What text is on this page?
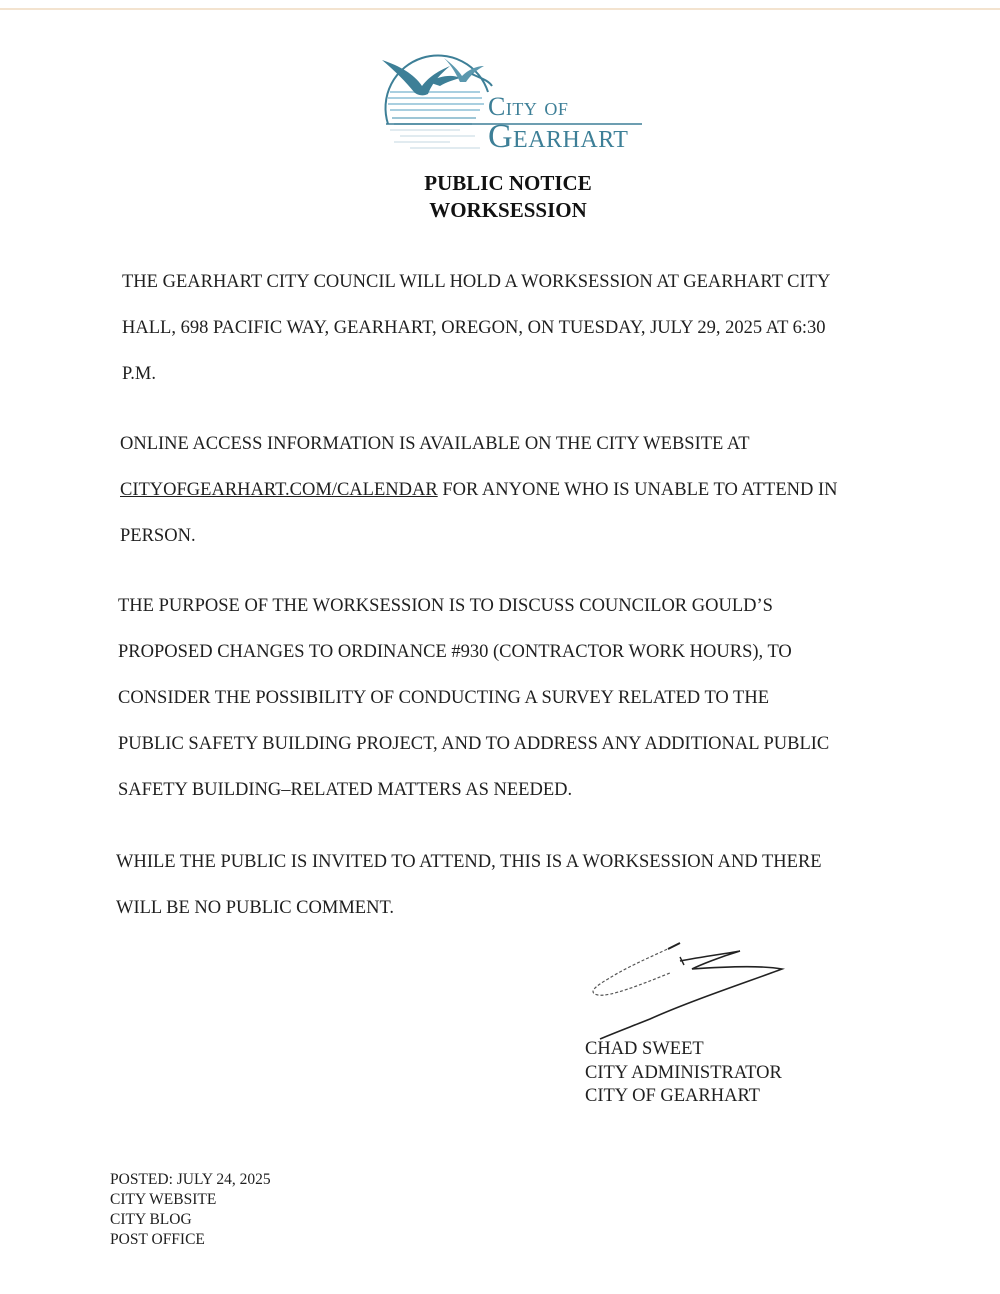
City of
Gearhart
PUBLIC NOTICE
WORKSESSION
THE GEARHART CITY COUNCIL WILL HOLD A WORKSESSION AT GEARHART CITY
HALL, 698 PACIFIC WAY, GEARHART, OREGON, ON TUESDAY, JULY 29, 2025 AT 6:30
P.M.
ONLINE ACCESS INFORMATION IS AVAILABLE ON THE CITY WEBSITE AT
CITYOFGEARHART.COM/CALENDAR FOR ANYONE WHO IS UNABLE TO ATTEND IN
PERSON.
THE PURPOSE OF THE WORKSESSION IS TO DISCUSS COUNCILOR GOULD’S
PROPOSED CHANGES TO ORDINANCE #930 (CONTRACTOR WORK HOURS), TO
CONSIDER THE POSSIBILITY OF CONDUCTING A SURVEY RELATED TO THE
PUBLIC SAFETY BUILDING PROJECT, AND TO ADDRESS ANY ADDITIONAL PUBLIC
SAFETY BUILDING–RELATED MATTERS AS NEEDED.
WHILE THE PUBLIC IS INVITED TO ATTEND, THIS IS A WORKSESSION AND THERE
WILL BE NO PUBLIC COMMENT.
CHAD SWEET
CITY ADMINISTRATOR
CITY OF GEARHART
POSTED: JULY 24, 2025
CITY WEBSITE
CITY BLOG
POST OFFICE
